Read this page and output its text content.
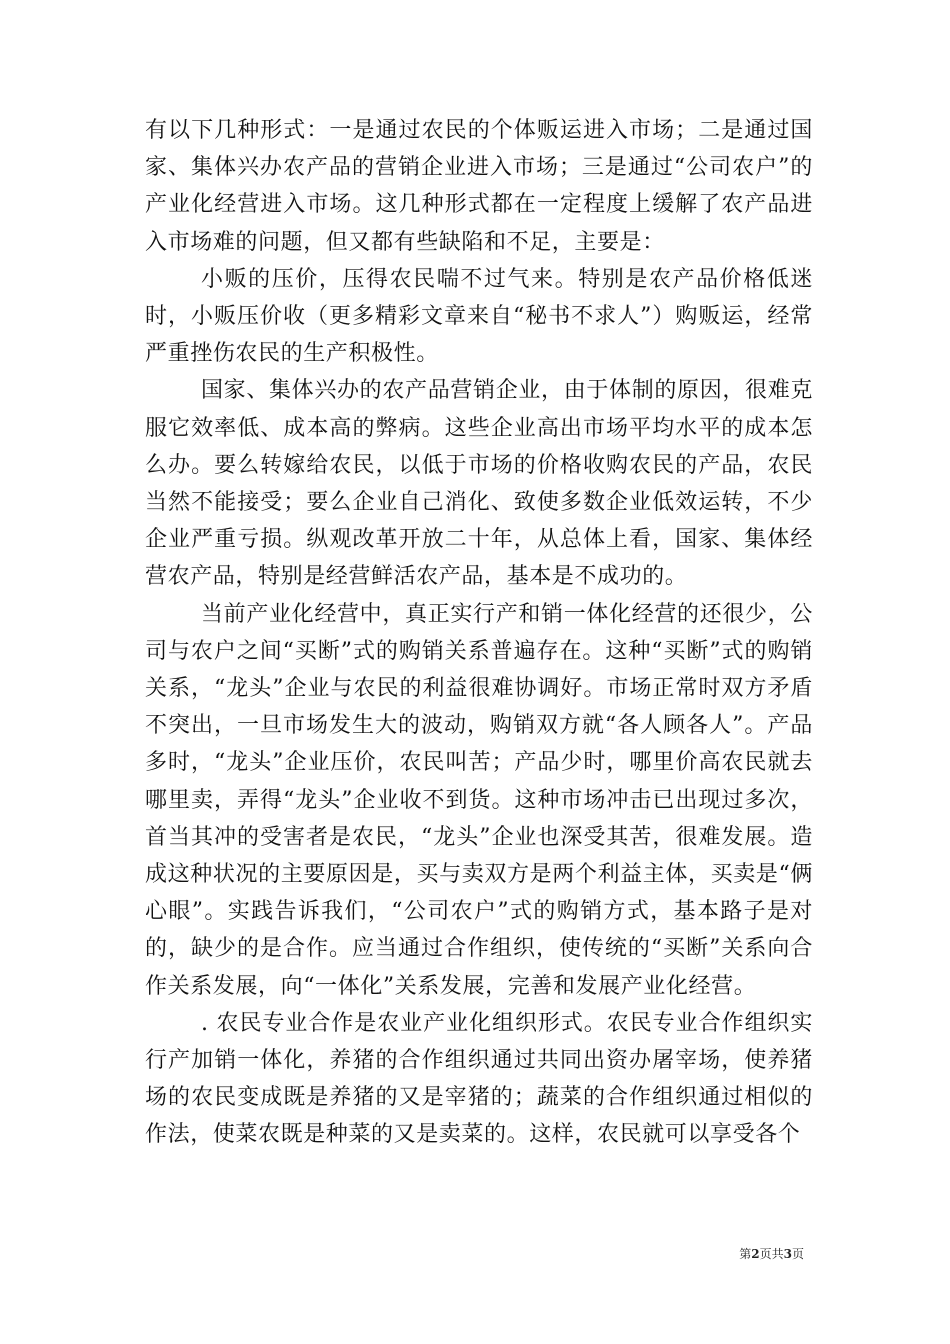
有以下几种形式：一是通过农民的个体贩运进入市场；二是通过国家、集体兴办农产品的营销企业进入市场；三是通过“公司农户”的产业化经营进入市场。这几种形式都在一定程度上缓解了农产品进入市场难的问题，但又都有些缺陷和不足，主要是：

小贩的压价，压得农民喘不过气来。特别是农产品价格低迷时，小贩压价收（更多精彩文章来自“秘书不求人”）购贩运，经常严重挫伤农民的生产积极性。

国家、集体兴办的农产品营销企业，由于体制的原因，很难克服它效率低、成本高的弊病。这些企业高出市场平均水平的成本怎么办。要么转嫁给农民，以低于市场的价格收购农民的产品，农民当然不能接受；要么企业自己消化、致使多数企业低效运转，不少企业严重亏损。纵观改革开放二十年，从总体上看，国家、集体经营农产品，特别是经营鲜活农产品，基本是不成功的。

当前产业化经营中，真正实行产和销一体化经营的还很少，公司与农户之间“买断”式的购销关系普遍存在。这种“买断”式的购销关系，“龙头”企业与农民的利益很难协调好。市场正常时双方矛盾不突出，一旦市场发生大的波动，购销双方就“各人顾各人”。产品多时，“龙头”企业压价，农民叫苦；产品少时，哪里价高农民就去哪里卖，弄得“龙头”企业收不到货。这种市场冲击已出现过多次，首当其冲的受害者是农民，“龙头”企业也深受其苦，很难发展。造成这种状况的主要原因是，买与卖双方是两个利益主体，买卖是“俩心眼”。实践告诉我们，“公司农户”式的购销方式，基本路子是对的，缺少的是合作。应当通过合作组织，使传统的“买断”关系向合作关系发展，向“一体化”关系发展，完善和发展产业化经营。

. 农民专业合作是农业产业化组织形式。农民专业合作组织实行产加销一体化，养猪的合作组织通过共同出资办屠宰场，使养猪场的农民变成既是养猪的又是宰猪的；蔬菜的合作组织通过相似的作法，使菜农既是种菜的又是卖菜的。这样，农民就可以享受各个

第2页共3页
